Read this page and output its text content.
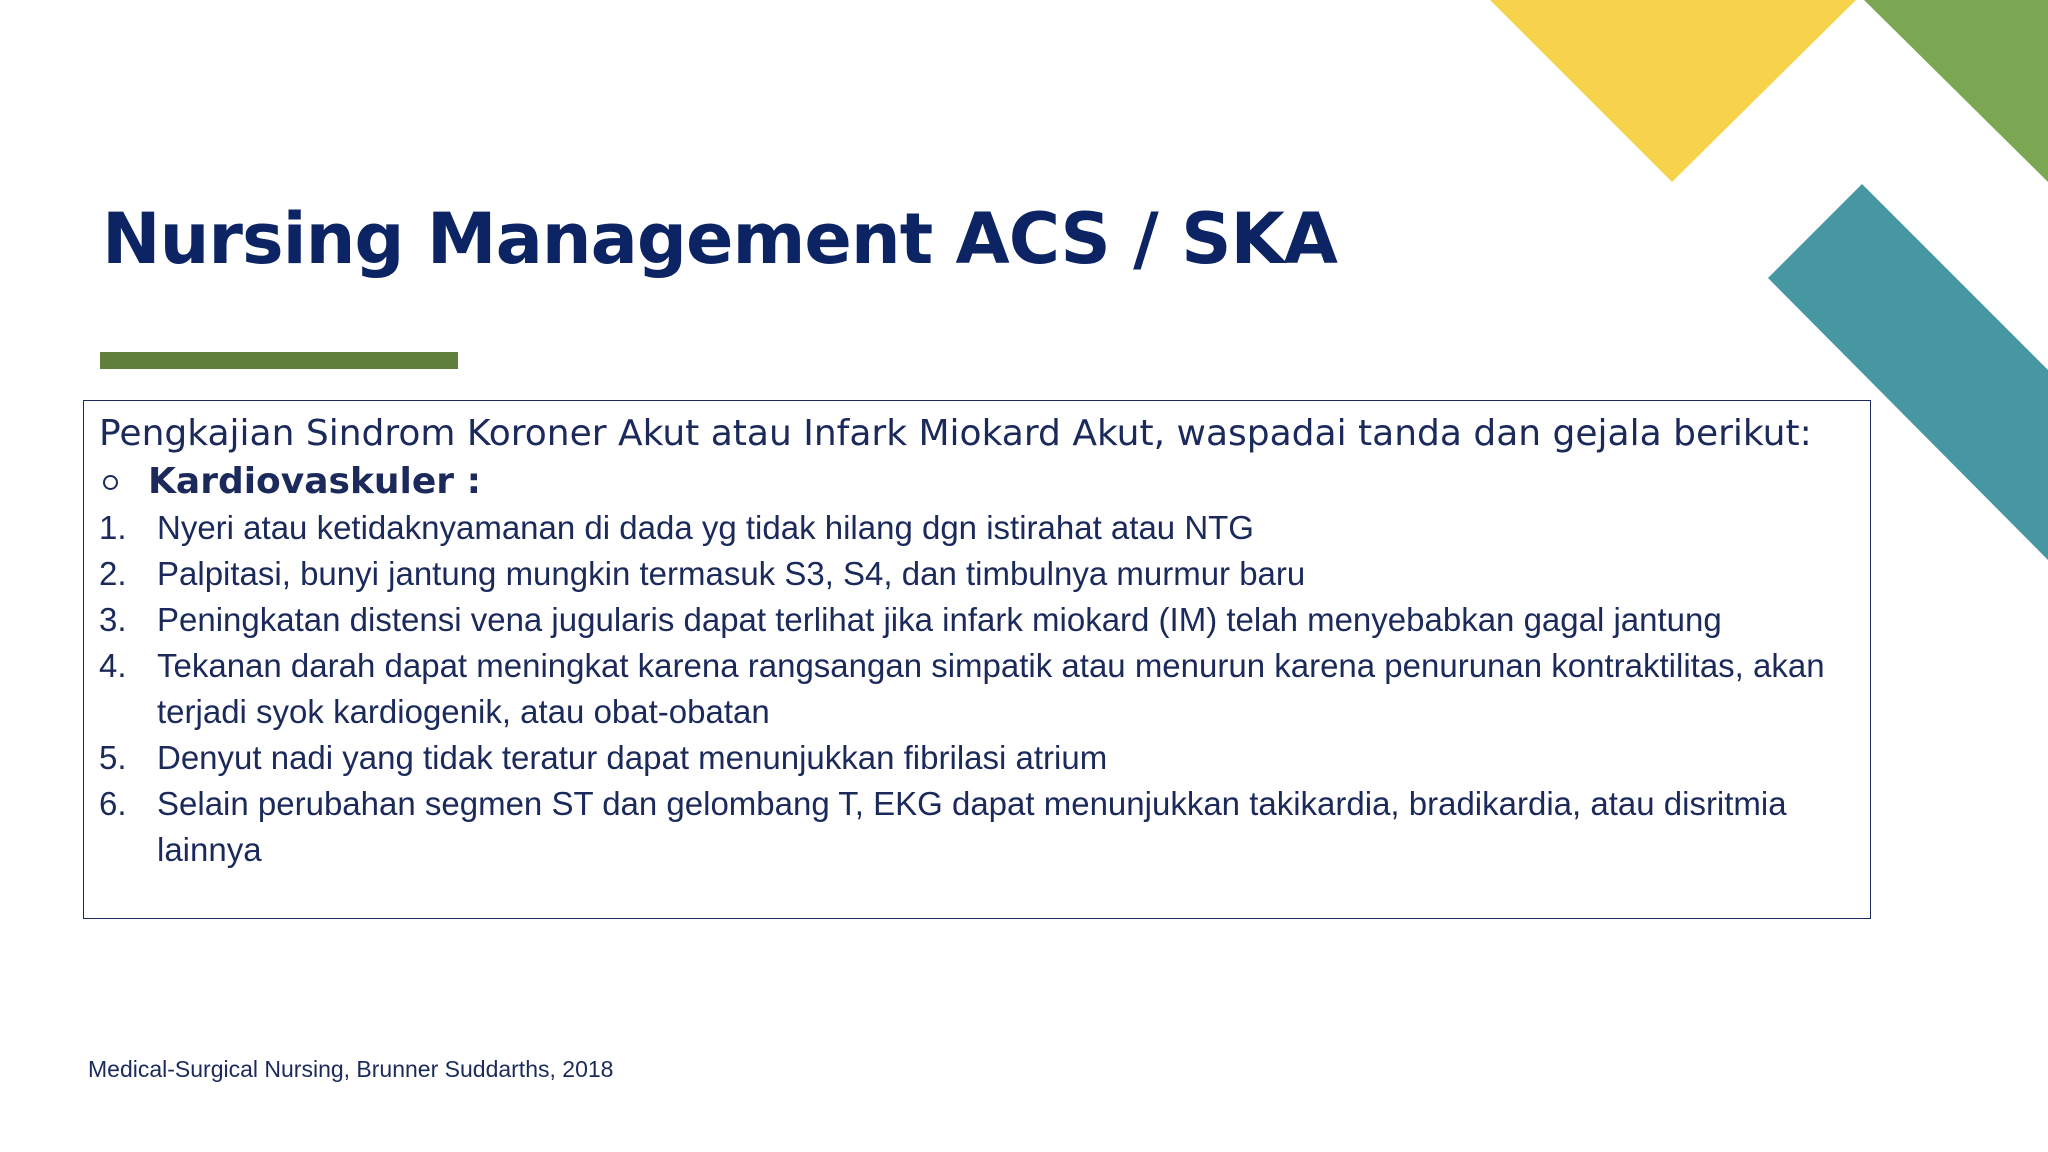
Nursing Management ACS / SKA

Pengkajian Sindrom Koroner Akut atau Infark Miokard Akut, waspadai tanda dan gejala berikut:

Kardiovaskuler :

1. Nyeri atau ketidaknyamanan di dada yg tidak hilang dgn istirahat atau NTG
2. Palpitasi, bunyi jantung mungkin termasuk S3, S4, dan timbulnya murmur baru
3. Peningkatan distensi vena jugularis dapat terlihat jika infark miokard (IM) telah menyebabkan gagal jantung
4. Tekanan darah dapat meningkat karena rangsangan simpatik atau menurun karena penurunan kontraktilitas, akan terjadi syok kardiogenik, atau obat-obatan
5. Denyut nadi yang tidak teratur dapat menunjukkan fibrilasi atrium
6. Selain perubahan segmen ST dan gelombang T, EKG dapat menunjukkan takikardia, bradikardia, atau disritmia lainnya
Medical-Surgical Nursing, Brunner Suddarths, 2018
